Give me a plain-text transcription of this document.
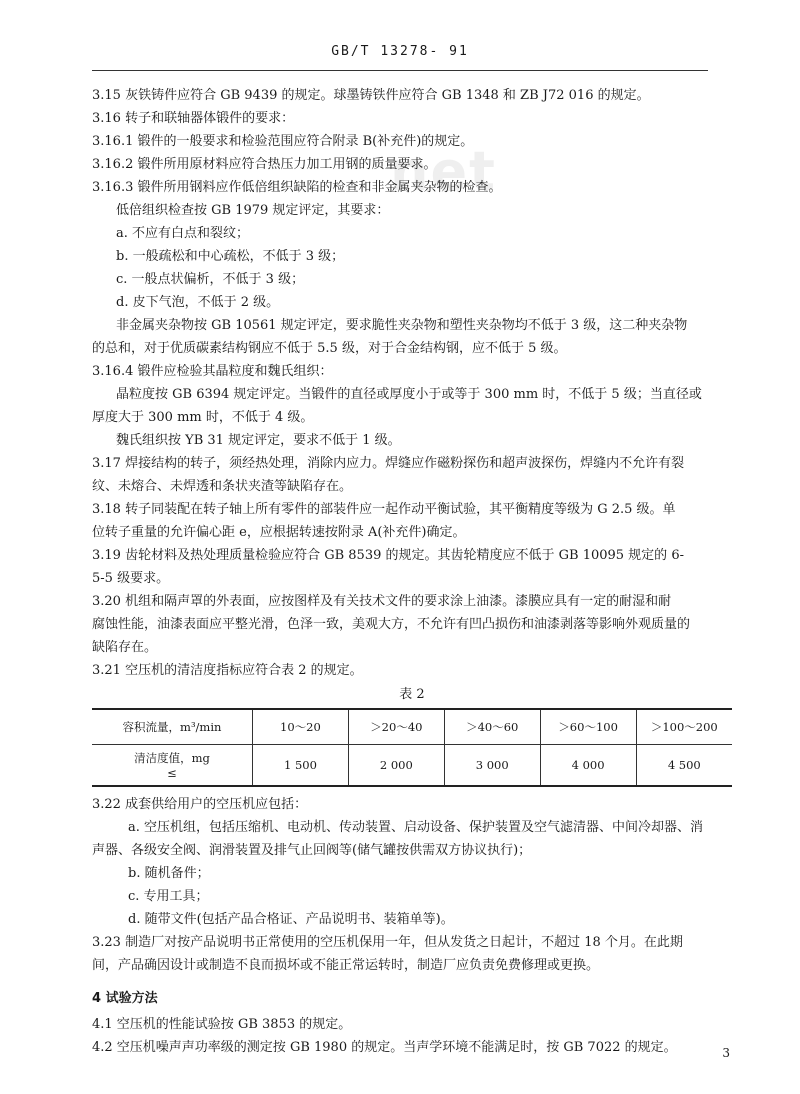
net
GB/T 13278- 91
3.15 灰铁铸件应符合 GB 9439 的规定。球墨铸铁件应符合 GB 1348 和 ZB J72 016 的规定。
3.16 转子和联轴器体锻件的要求：
3.16.1 锻件的一般要求和检验范围应符合附录 B(补充件)的规定。
3.16.2 锻件所用原材料应符合热压力加工用钢的质量要求。
3.16.3 锻件所用钢料应作低倍组织缺陷的检查和非金属夹杂物的检查。
低倍组织检查按 GB 1979 规定评定，其要求：
a. 不应有白点和裂纹；
b. 一般疏松和中心疏松，不低于 3 级；
c. 一般点状偏析，不低于 3 级；
d. 皮下气泡，不低于 2 级。
非金属夹杂物按 GB 10561 规定评定，要求脆性夹杂物和塑性夹杂物均不低于 3 级，这二种夹杂物
的总和，对于优质碳素结构钢应不低于 5.5 级，对于合金结构钢，应不低于 5 级。
3.16.4 锻件应检验其晶粒度和魏氏组织：
晶粒度按 GB 6394 规定评定。当锻件的直径或厚度小于或等于 300 mm 时，不低于 5 级；当直径或
厚度大于 300 mm 时，不低于 4 级。
魏氏组织按 YB 31 规定评定，要求不低于 1 级。
3.17 焊接结构的转子，须经热处理，消除内应力。焊缝应作磁粉探伤和超声波探伤，焊缝内不允许有裂
纹、未熔合、未焊透和条状夹渣等缺陷存在。
3.18 转子同装配在转子轴上所有零件的部装件应一起作动平衡试验，其平衡精度等级为 G 2.5 级。单
位转子重量的允许偏心距 e，应根据转速按附录 A(补充件)确定。
3.19 齿轮材料及热处理质量检验应符合 GB 8539 的规定。其齿轮精度应不低于 GB 10095 规定的 6-
5-5 级要求。
3.20 机组和隔声罩的外表面，应按图样及有关技术文件的要求涂上油漆。漆膜应具有一定的耐湿和耐
腐蚀性能，油漆表面应平整光滑，色泽一致，美观大方，不允许有凹凸损伤和油漆剥落等影响外观质量的
缺陷存在。
3.21 空压机的清洁度指标应符合表 2 的规定。
表 2
容积流量，m³/min	10～20	＞20～40	＞40～60	＞60～100	＞100～200

清洁度值，mg
≤	1 500	2 000	3 000	4 000	4 500
3.22 成套供给用户的空压机应包括：
a. 空压机组，包括压缩机、电动机、传动装置、启动设备、保护装置及空气滤清器、中间冷却器、消
声器、各级安全阀、润滑装置及排气止回阀等(储气罐按供需双方协议执行)；
b. 随机备件；
c. 专用工具；
d. 随带文件(包括产品合格证、产品说明书、装箱单等)。
3.23 制造厂对按产品说明书正常使用的空压机保用一年，但从发货之日起计，不超过 18 个月。在此期
间，产品确因设计或制造不良而损坏或不能正常运转时，制造厂应负责免费修理或更换。
4 试验方法
4.1 空压机的性能试验按 GB 3853 的规定。
4.2 空压机噪声声功率级的测定按 GB 1980 的规定。当声学环境不能满足时，按 GB 7022 的规定。	3
